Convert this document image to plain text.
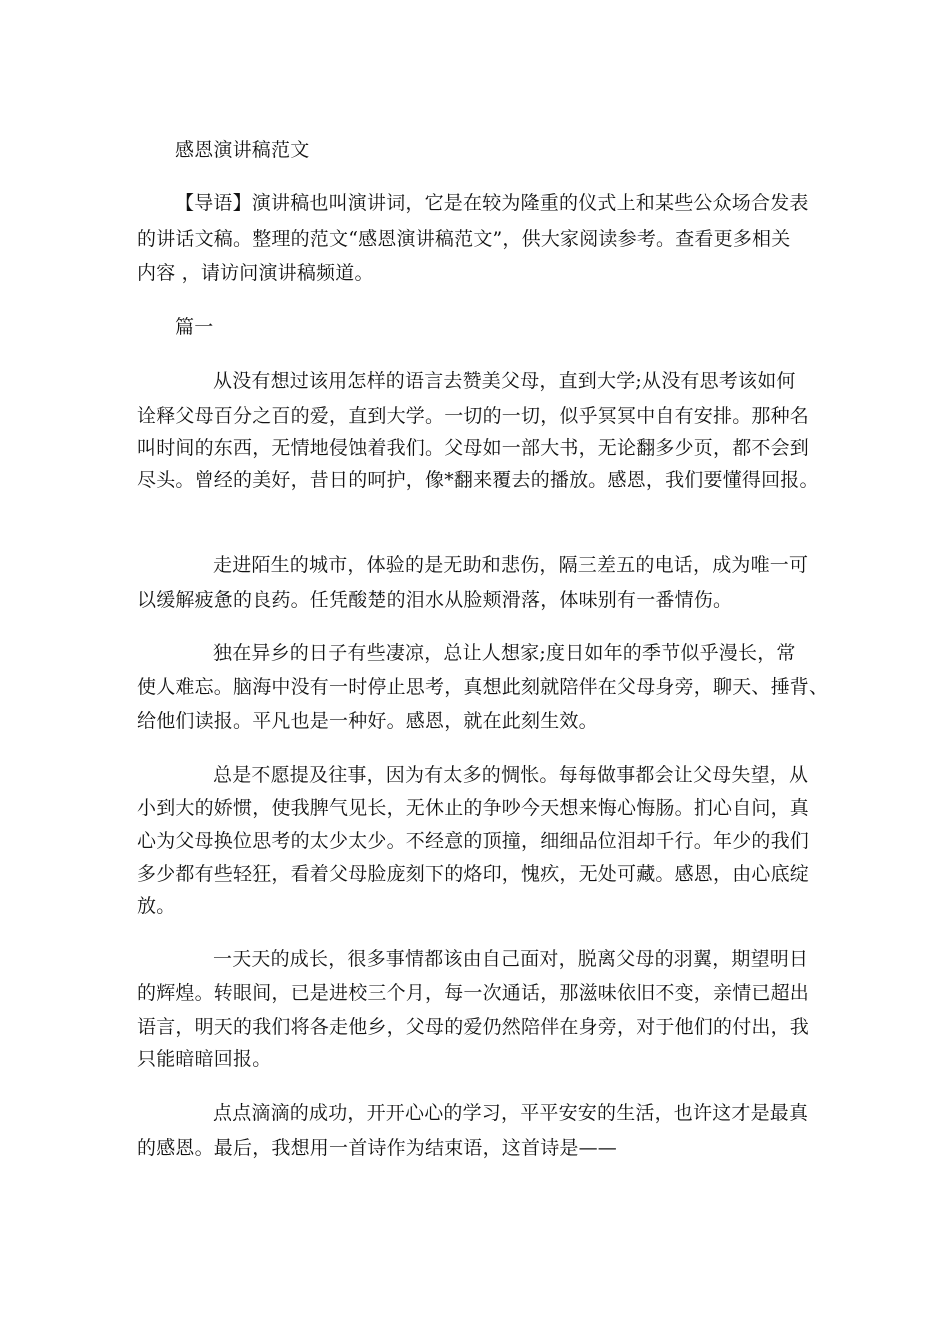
感恩演讲稿范文
【导语】演讲稿也叫演讲词，它是在较为隆重的仪式上和某些公众场合发表
的讲话文稿。整理的范文“感恩演讲稿范文”，供大家阅读参考。查看更多相关
内容 ，请访问演讲稿频道。
篇一
从没有想过该用怎样的语言去赞美父母，直到大学;从没有思考该如何
诠释父母百分之百的爱，直到大学。一切的一切，似乎冥冥中自有安排。那种名
叫时间的东西，无情地侵蚀着我们。父母如一部大书，无论翻多少页，都不会到
尽头。曾经的美好，昔日的呵护，像*翻来覆去的播放。感恩，我们要懂得回报。
走进陌生的城市，体验的是无助和悲伤，隔三差五的电话，成为唯一可
以缓解疲惫的良药。任凭酸楚的泪水从脸颊滑落，体味别有一番情伤。
独在异乡的日子有些凄凉，总让人想家;度日如年的季节似乎漫长，常
使人难忘。脑海中没有一时停止思考，真想此刻就陪伴在父母身旁，聊天、捶背、
给他们读报。平凡也是一种好。感恩，就在此刻生效。
总是不愿提及往事，因为有太多的惆怅。每每做事都会让父母失望，从
小到大的娇惯，使我脾气见长，无休止的争吵今天想来悔心悔肠。扪心自问，真
心为父母换位思考的太少太少。不经意的顶撞，细细品位泪却千行。年少的我们
多少都有些轻狂，看着父母脸庞刻下的烙印，愧疚，无处可藏。感恩，由心底绽
放。
一天天的成长，很多事情都该由自己面对，脱离父母的羽翼，期望明日
的辉煌。转眼间，已是进校三个月，每一次通话，那滋味依旧不变，亲情已超出
语言，明天的我们将各走他乡，父母的爱仍然陪伴在身旁，对于他们的付出，我
只能暗暗回报。
点点滴滴的成功，开开心心的学习，平平安安的生活，也许这才是最真
的感恩。最后，我想用一首诗作为结束语，这首诗是——
